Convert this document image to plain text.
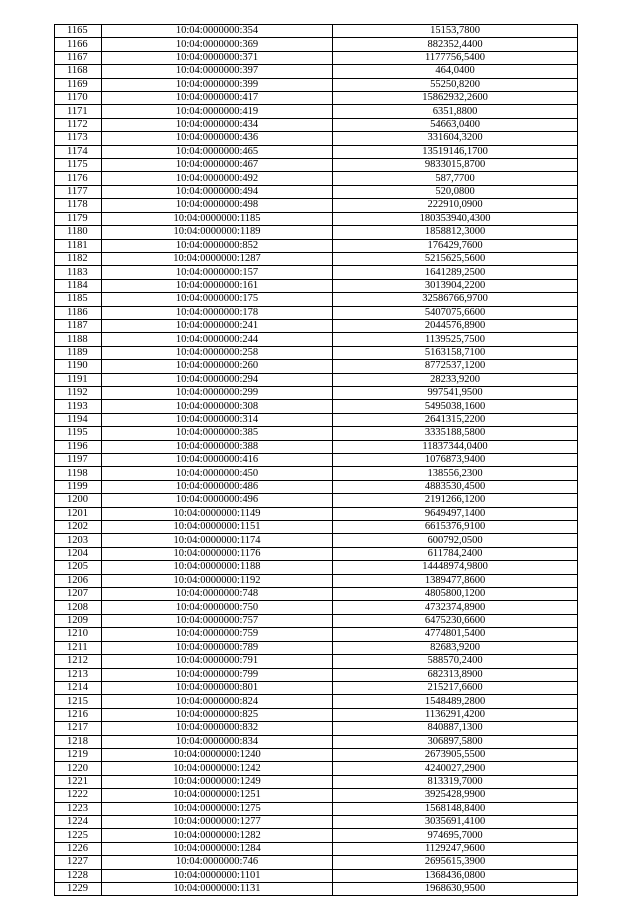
1165	10:04:0000000:354	15153,7800
1166	10:04:0000000:369	882352,4400
1167	10:04:0000000:371	1177756,5400
1168	10:04:0000000:397	464,0400
1169	10:04:0000000:399	55250,8200
1170	10:04:0000000:417	15862932,2600
1171	10:04:0000000:419	6351,8800
1172	10:04:0000000:434	54663,0400
1173	10:04:0000000:436	331604,3200
1174	10:04:0000000:465	13519146,1700
1175	10:04:0000000:467	9833015,8700
1176	10:04:0000000:492	587,7700
1177	10:04:0000000:494	520,0800
1178	10:04:0000000:498	222910,0900
1179	10:04:0000000:1185	180353940,4300
1180	10:04:0000000:1189	1858812,3000
1181	10:04:0000000:852	176429,7600
1182	10:04:0000000:1287	5215625,5600
1183	10:04:0000000:157	1641289,2500
1184	10:04:0000000:161	3013904,2200
1185	10:04:0000000:175	32586766,9700
1186	10:04:0000000:178	5407075,6600
1187	10:04:0000000:241	2044576,8900
1188	10:04:0000000:244	1139525,7500
1189	10:04:0000000:258	5163158,7100
1190	10:04:0000000:260	8772537,1200
1191	10:04:0000000:294	28233,9200
1192	10:04:0000000:299	997541,9500
1193	10:04:0000000:308	5495038,1600
1194	10:04:0000000:314	2641315,2200
1195	10:04:0000000:385	3335188,5800
1196	10:04:0000000:388	11837344,0400
1197	10:04:0000000:416	1076873,9400
1198	10:04:0000000:450	138556,2300
1199	10:04:0000000:486	4883530,4500
1200	10:04:0000000:496	2191266,1200
1201	10:04:0000000:1149	9649497,1400
1202	10:04:0000000:1151	6615376,9100
1203	10:04:0000000:1174	600792,0500
1204	10:04:0000000:1176	611784,2400
1205	10:04:0000000:1188	14448974,9800
1206	10:04:0000000:1192	1389477,8600
1207	10:04:0000000:748	4805800,1200
1208	10:04:0000000:750	4732374,8900
1209	10:04:0000000:757	6475230,6600
1210	10:04:0000000:759	4774801,5400
1211	10:04:0000000:789	82683,9200
1212	10:04:0000000:791	588570,2400
1213	10:04:0000000:799	682313,8900
1214	10:04:0000000:801	215217,6600
1215	10:04:0000000:824	1548489,2800
1216	10:04:0000000:825	1136291,4200
1217	10:04:0000000:832	840887,1300
1218	10:04:0000000:834	306897,5800
1219	10:04:0000000:1240	2673905,5500
1220	10:04:0000000:1242	4240027,2900
1221	10:04:0000000:1249	813319,7000
1222	10:04:0000000:1251	3925428,9900
1223	10:04:0000000:1275	1568148,8400
1224	10:04:0000000:1277	3035691,4100
1225	10:04:0000000:1282	974695,7000
1226	10:04:0000000:1284	1129247,9600
1227	10:04:0000000:746	2695615,3900
1228	10:04:0000000:1101	1368436,0800
1229	10:04:0000000:1131	1968630,9500
